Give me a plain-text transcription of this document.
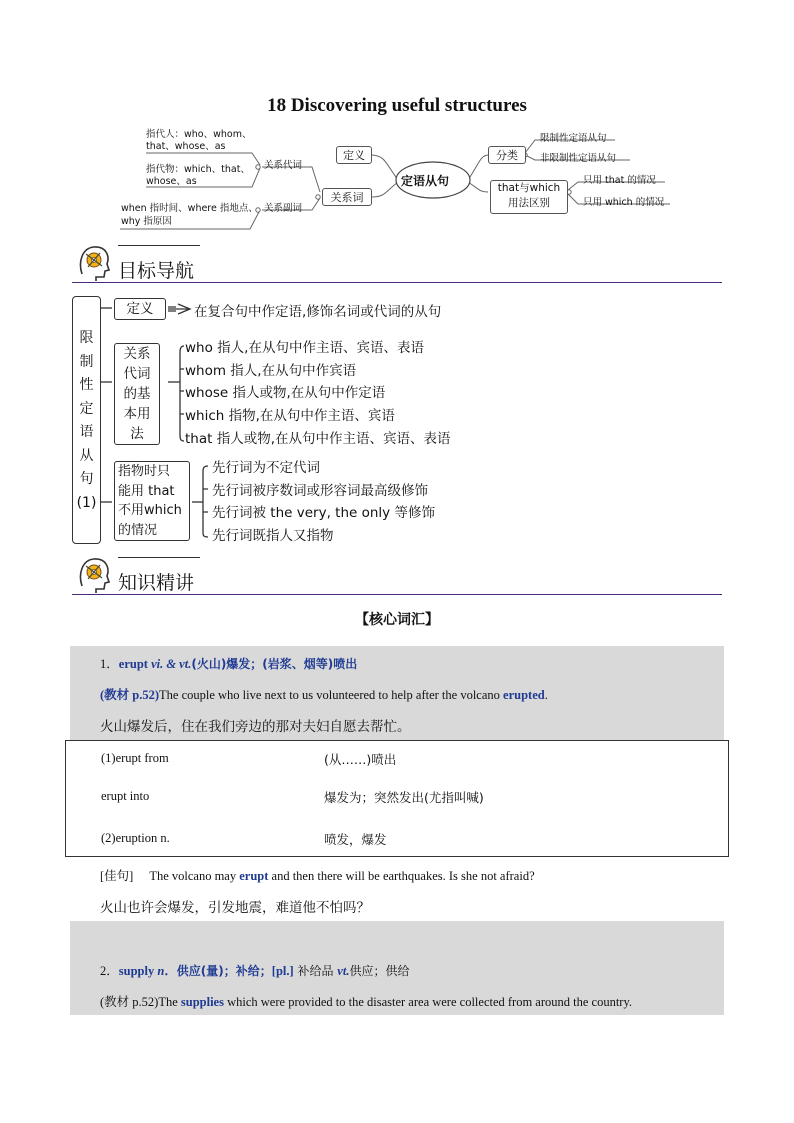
18 Discovering useful structures
定语从句
定义
关系词
分类
that与which
用法区别
限制性定语从句
非限制性定语从句
只用 that 的情况
只用 which 的情况
关系代词
关系副词
指代人：who、whom、
that、whose、as
指代物：which、that、
whose、as
when 指时间、where 指地点、
why 指原因
目标导航
限
制
性
定
语
从
句
(1)
定义	在复合句中作定语,修饰名词或代词的从句
关系
代词
的基
本用
法
who 指人,在从句中作主语、宾语、表语
whom 指人,在从句中作宾语
whose 指人或物,在从句中作定语
which 指物,在从句中作主语、宾语
that 指人或物,在从句中作主语、宾语、表语
指物时只
能用 that
不用which
的情况
先行词为不定代词
先行词被序数词或形容词最高级修饰
先行词被 the very, the only 等修饰
先行词既指人又指物
知识精讲
【核心词汇】
1．erupt vi. & vt.(火山)爆发；(岩浆、烟等)喷出
(教材 p.52)The couple who live next to us volunteered to help after the volcano erupted.
火山爆发后，住在我们旁边的那对夫妇自愿去帮忙。
(1)erupt from	(从……)喷出
erupt into	爆发为；突然发出(尤指叫喊)
(2)eruption n.	喷发，爆发
[佳句] The volcano may erupt and then there will be earthquakes. Is she not afraid?
火山也许会爆发，引发地震，难道他不怕吗？
2．supply n．供应(量)；补给；[pl.] 补给品 vt.供应；供给
(教材 p.52)The supplies which were provided to the disaster area were collected from around the country.
